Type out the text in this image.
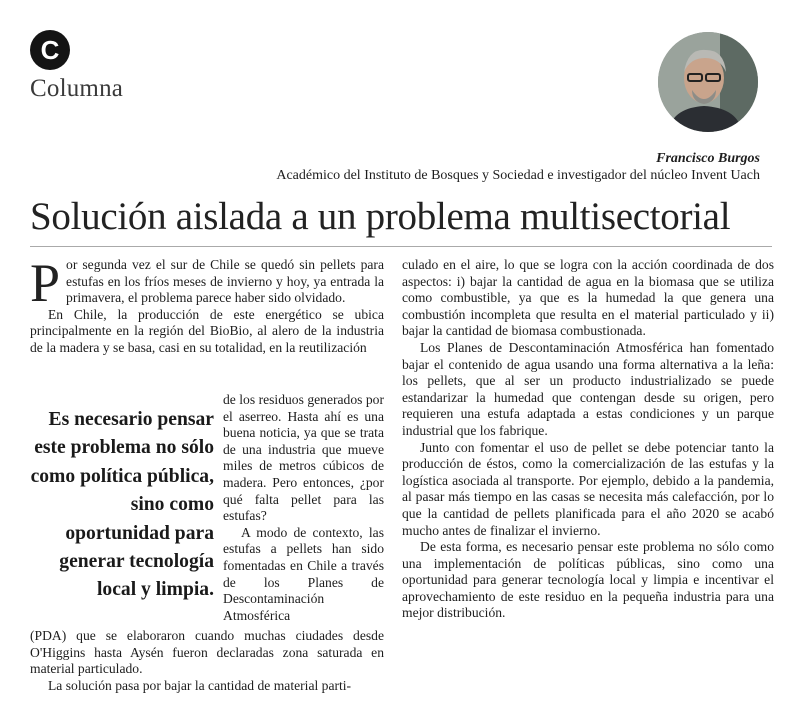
C
Columna
Francisco Burgos
Académico del Instituto de Bosques y Sociedad e investigador del núcleo Invent Uach
Solución aislada a un problema multisectorial

Por segunda vez el sur de Chile se quedó sin pellets para estufas en los fríos meses de invierno y hoy, ya entrada la primavera, el problema parece haber sido olvidado.

En Chile, la producción de este energético se ubica principalmente en la región del BioBio, al alero de la industria de la madera y se basa, casi en su totalidad, en la reutilización

Es necesario pensar este problema no sólo como política pública, sino como oportunidad para generar tecnología local y limpia.

de los residuos generados por el aserreo. Hasta ahí es una buena noticia, ya que se trata de una industria que mueve miles de metros cúbicos de madera. Pero entonces, ¿por qué falta pellet para las estufas?

A modo de contexto, las estufas a pellets han sido fomentadas en Chile a través de los Planes de Descontaminación Atmosférica

(PDA) que se elaboraron cuando muchas ciudades desde O'Higgins hasta Aysén fueron declaradas zona saturada en material particulado.

La solución pasa por bajar la cantidad de material parti-

culado en el aire, lo que se logra con la acción coordinada de dos aspectos: i) bajar la cantidad de agua en la biomasa que se utiliza como combustible, ya que es la humedad la que genera una combustión incompleta que resulta en el material particulado y ii) bajar la cantidad de biomasa combustionada.

Los Planes de Descontaminación Atmosférica han fomentado bajar el contenido de agua usando una forma alternativa a la leña: los pellets, que al ser un producto industrializado se puede estandarizar la humedad que contengan desde su origen, pero requieren una estufa adaptada a estas condiciones y un parque industrial que los fabrique.

Junto con fomentar el uso de pellet se debe potenciar tanto la producción de éstos, como la comercialización de las estufas y la logística asociada al transporte. Por ejemplo, debido a la pandemia, al pasar más tiempo en las casas se necesita más calefacción, por lo que la cantidad de pellets planificada para el año 2020 se acabó mucho antes de finalizar el invierno.

De esta forma, es necesario pensar este problema no sólo como una implementación de políticas públicas, sino como una oportunidad para generar tecnología local y limpia e incentivar el aprovechamiento de este residuo en la pequeña industria para una mejor distribución.
